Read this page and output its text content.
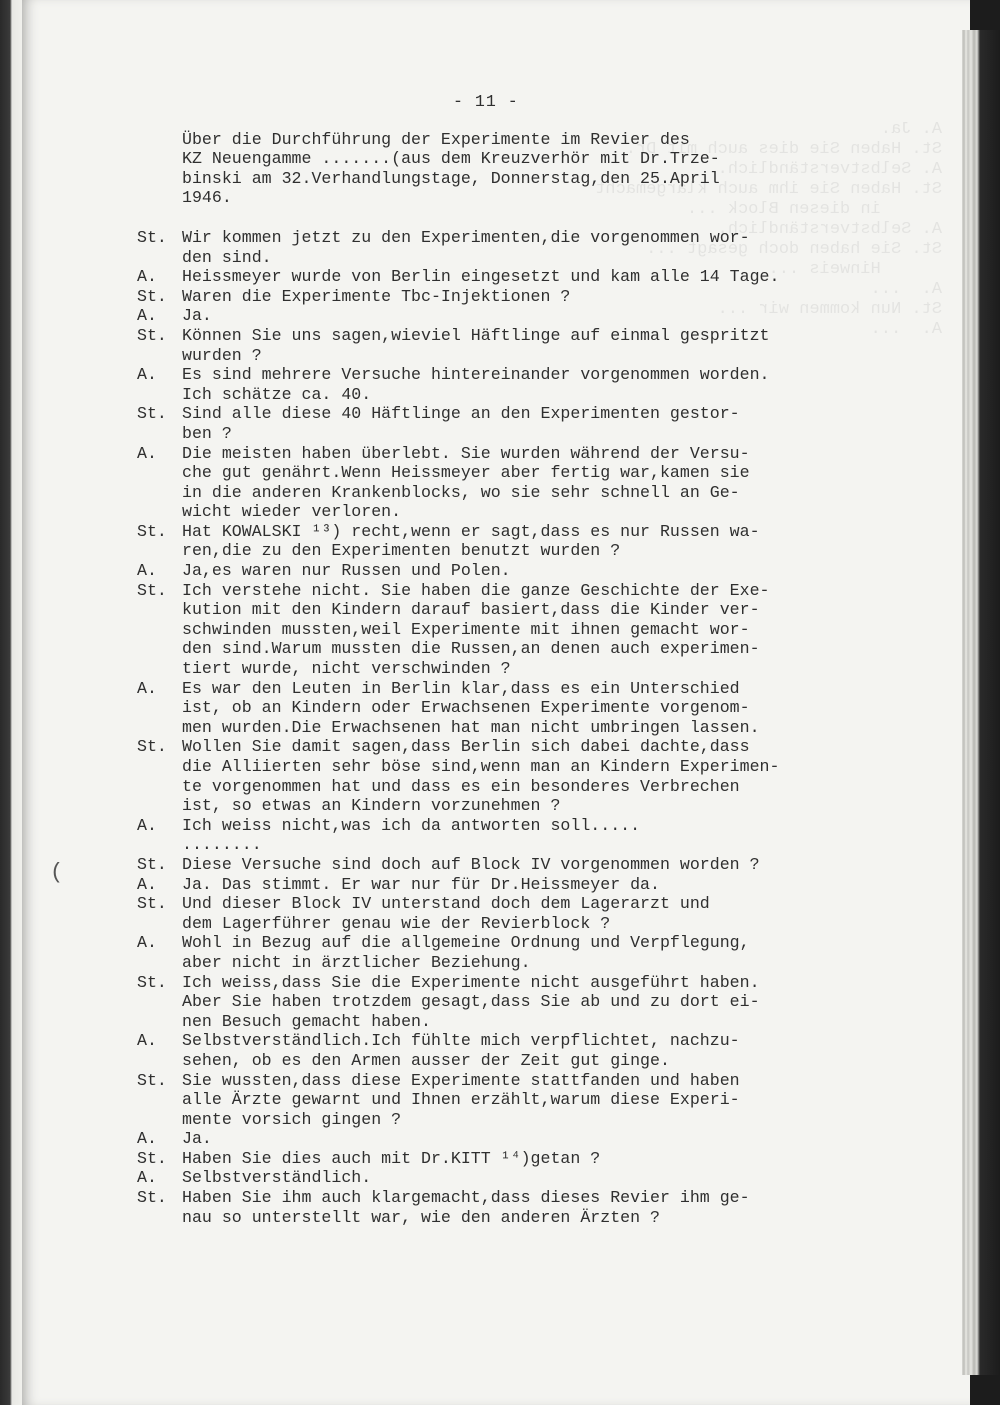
A. Ja.
St. Haben Sie dies auch mit Dr.
A. Selbstverständlich.
St. Haben Sie ihm auch klargemacht
in diesen Block ...
A. Selbstverständlich.
St. Sie haben doch gesagt ...
Hinweis ...
A.  ...
St. Nun kommen wir ...
A.  ...
- 11 -
Über die Durchführung der Experimente im Revier des
KZ Neuengamme .......(aus dem Kreuzverhör mit Dr.Trze-
binski am 32.Verhandlungstage, Donnerstag,den 25.April
1946.
St. Wir kommen jetzt zu den Experimenten,die vorgenommen wor-
den sind.
A.	Heissmeyer wurde von Berlin eingesetzt und kam alle 14 Tage.
St. Waren die Experimente Tbc-Injektionen ?
A.	Ja.
St. Können Sie uns sagen,wieviel Häftlinge auf einmal gespritzt
wurden ?
A.	Es sind mehrere Versuche hintereinander vorgenommen worden.
Ich schätze ca. 40.
St. Sind alle diese 40 Häftlinge an den Experimenten gestor-
ben ?
A.	Die meisten haben überlebt. Sie wurden während der Versu-
che gut genährt.Wenn Heissmeyer aber fertig war,kamen sie
in die anderen Krankenblocks, wo sie sehr schnell an Ge-
wicht wieder verloren.
St. Hat KOWALSKI ¹³) recht,wenn er sagt,dass es nur Russen wa-
ren,die zu den Experimenten benutzt wurden ?
A.	Ja,es waren nur Russen und Polen.
St. Ich verstehe nicht. Sie haben die ganze Geschichte der Exe-
kution mit den Kindern darauf basiert,dass die Kinder ver-
schwinden mussten,weil Experimente mit ihnen gemacht wor-
den sind.Warum mussten die Russen,an denen auch experimen-
tiert wurde, nicht verschwinden ?
A.	Es war den Leuten in Berlin klar,dass es ein Unterschied
ist, ob an Kindern oder Erwachsenen Experimente vorgenom-
men wurden.Die Erwachsenen hat man nicht umbringen lassen.
St. Wollen Sie damit sagen,dass Berlin sich dabei dachte,dass
die Alliierten sehr böse sind,wenn man an Kindern Experimen-
te vorgenommen hat und dass es ein besonderes Verbrechen
ist, so etwas an Kindern vorzunehmen ?
A.	Ich weiss nicht,was ich da antworten soll.....
........
St. Diese Versuche sind doch auf Block IV vorgenommen worden ?
A.	Ja. Das stimmt. Er war nur für Dr.Heissmeyer da.
St. Und dieser Block IV unterstand doch dem Lagerarzt und
dem Lagerführer genau wie der Revierblock ?
A.	Wohl in Bezug auf die allgemeine Ordnung und Verpflegung,
aber nicht in ärztlicher Beziehung.
St. Ich weiss,dass Sie die Experimente nicht ausgeführt haben.
Aber Sie haben trotzdem gesagt,dass Sie ab und zu dort ei-
nen Besuch gemacht haben.
A.	Selbstverständlich.Ich fühlte mich verpflichtet, nachzu-
sehen, ob es den Armen ausser der Zeit gut ginge.
St. Sie wussten,dass diese Experimente stattfanden und haben
alle Ärzte gewarnt und Ihnen erzählt,warum diese Experi-
mente vorsich gingen ?
A.	Ja.
St. Haben Sie dies auch mit Dr.KITT ¹⁴)getan ?
A.	Selbstverständlich.
St. Haben Sie ihm auch klargemacht,dass dieses Revier ihm ge-
nau so unterstellt war, wie den anderen Ärzten ?
(
